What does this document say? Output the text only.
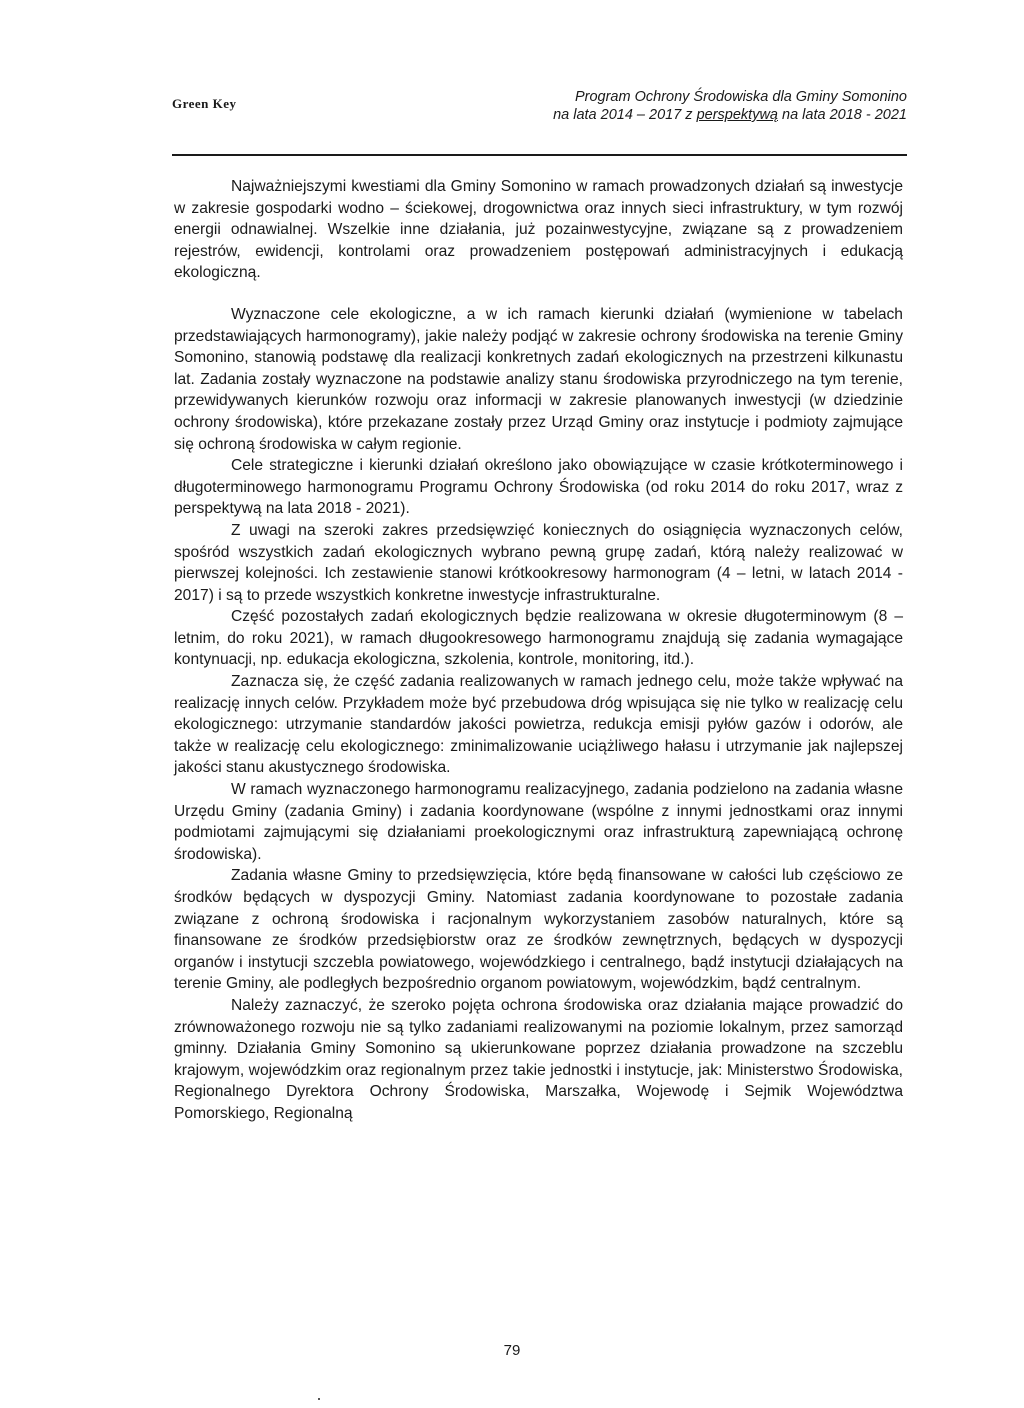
Green Key	Program Ochrony Środowiska dla Gminy Somonino
na lata 2014 – 2017 z perspektywą na lata 2018 - 2021

Najważniejszymi kwestiami dla Gminy Somonino w ramach prowadzonych działań są inwestycje w zakresie gospodarki wodno – ściekowej, drogownictwa oraz innych sieci infrastruktury, w tym rozwój energii odnawialnej. Wszelkie inne działania, już pozainwestycyjne, związane są z prowadzeniem rejestrów, ewidencji, kontrolami oraz prowadzeniem postępowań administracyjnych i edukacją ekologiczną.

Wyznaczone cele ekologiczne, a w ich ramach kierunki działań (wymienione w tabelach przedstawiających harmonogramy), jakie należy podjąć w zakresie ochrony środowiska na terenie Gminy Somonino, stanowią podstawę dla realizacji konkretnych zadań ekologicznych na przestrzeni kilkunastu lat. Zadania zostały wyznaczone na podstawie analizy stanu środowiska przyrodniczego na tym terenie, przewidywanych kierunków rozwoju oraz informacji w zakresie planowanych inwestycji (w dziedzinie ochrony środowiska), które przekazane zostały przez Urząd Gminy oraz instytucje i podmioty zajmujące się ochroną środowiska w całym regionie.

Cele strategiczne i kierunki działań określono jako obowiązujące w czasie krótkoterminowego i długoterminowego harmonogramu Programu Ochrony Środowiska (od roku 2014 do roku 2017, wraz z perspektywą na lata 2018 - 2021).

Z uwagi na szeroki zakres przedsięwzięć koniecznych do osiągnięcia wyznaczonych celów, spośród wszystkich zadań ekologicznych wybrano pewną grupę zadań, którą należy realizować w pierwszej kolejności. Ich zestawienie stanowi krótkookresowy harmonogram (4 – letni, w latach 2014 - 2017) i są to przede wszystkich konkretne inwestycje infrastrukturalne.

Część pozostałych zadań ekologicznych będzie realizowana w okresie długoterminowym (8 – letnim, do roku 2021), w ramach długookresowego harmonogramu znajdują się zadania wymagające kontynuacji, np. edukacja ekologiczna, szkolenia, kontrole, monitoring, itd.).

Zaznacza się, że część zadania realizowanych w ramach jednego celu, może także wpływać na realizację innych celów. Przykładem może być przebudowa dróg wpisująca się nie tylko w realizację celu ekologicznego: utrzymanie standardów jakości powietrza, redukcja emisji pyłów gazów i odorów, ale także w realizację celu ekologicznego: zminimalizowanie uciążliwego hałasu i utrzymanie jak najlepszej jakości stanu akustycznego środowiska.

W ramach wyznaczonego harmonogramu realizacyjnego, zadania podzielono na zadania własne Urzędu Gminy (zadania Gminy) i zadania koordynowane (wspólne z innymi jednostkami oraz innymi podmiotami zajmującymi się działaniami proekologicznymi oraz infrastrukturą zapewniającą ochronę środowiska).

Zadania własne Gminy to przedsięwzięcia, które będą finansowane w całości lub częściowo ze środków będących w dyspozycji Gminy. Natomiast zadania koordynowane to pozostałe zadania związane z ochroną środowiska i racjonalnym wykorzystaniem zasobów naturalnych, które są finansowane ze środków przedsiębiorstw oraz ze środków zewnętrznych, będących w dyspozycji organów i instytucji szczebla powiatowego, wojewódzkiego i centralnego, bądź instytucji działających na terenie Gminy, ale podległych bezpośrednio organom powiatowym, wojewódzkim, bądź centralnym.

Należy zaznaczyć, że szeroko pojęta ochrona środowiska oraz działania mające prowadzić do zrównoważonego rozwoju nie są tylko zadaniami realizowanymi na poziomie lokalnym, przez samorząd gminny. Działania Gminy Somonino są ukierunkowane poprzez działania prowadzone na szczeblu krajowym, wojewódzkim oraz regionalnym przez takie jednostki i instytucje, jak: Ministerstwo Środowiska, Regionalnego Dyrektora Ochrony Środowiska, Marszałka, Wojewodę i Sejmik Województwa Pomorskiego, Regionalną

79
